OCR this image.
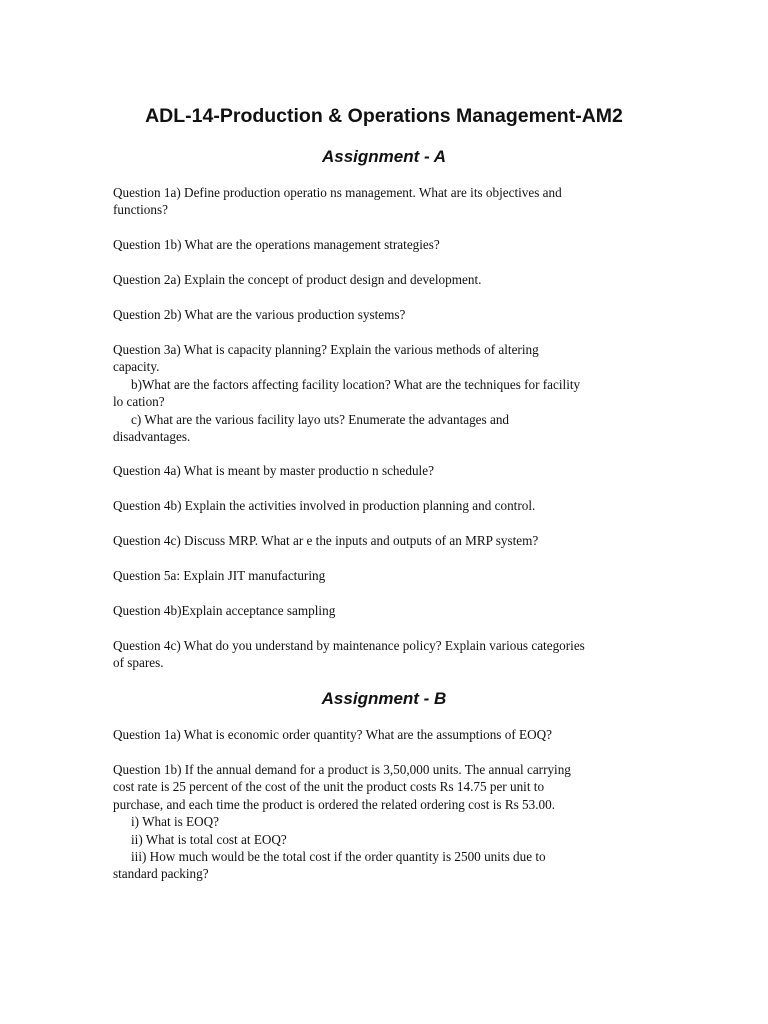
ADL-14-Production & Operations Management-AM2
Assignment - A

Question 1a) Define production operatio ns management. What are its objectives and
functions?

Question 1b) What are the operations management strategies?

Question 2a) Explain the concept of product design and development.

Question 2b) What are the various production systems?

Question 3a) What is capacity planning? Explain the various methods of altering
capacity.
b)What are the factors affecting facility location? What are the techniques for facility
lo cation?
c) What are the various facility layo uts? Enumerate the advantages and
disadvantages.

Question 4a) What is meant by master productio n schedule?

Question 4b) Explain the activities involved in production planning and control.

Question 4c) Discuss MRP. What ar e the inputs and outputs of an MRP system?

Question 5a: Explain JIT manufacturing

Question 4b)Explain acceptance sampling

Question 4c) What do you understand by maintenance policy? Explain various categories
of spares.

Assignment - B

Question 1a) What is economic order quantity? What are the assumptions of EOQ?

Question 1b) If the annual demand for a product is 3,50,000 units. The annual carrying
cost rate is 25 percent of the cost of the unit the product costs Rs 14.75 per unit to
purchase, and each time the product is ordered the related ordering cost is Rs 53.00.
i) What is EOQ?
ii) What is total cost at EOQ?
iii) How much would be the total cost if the order quantity is 2500 units due to
standard packing?
